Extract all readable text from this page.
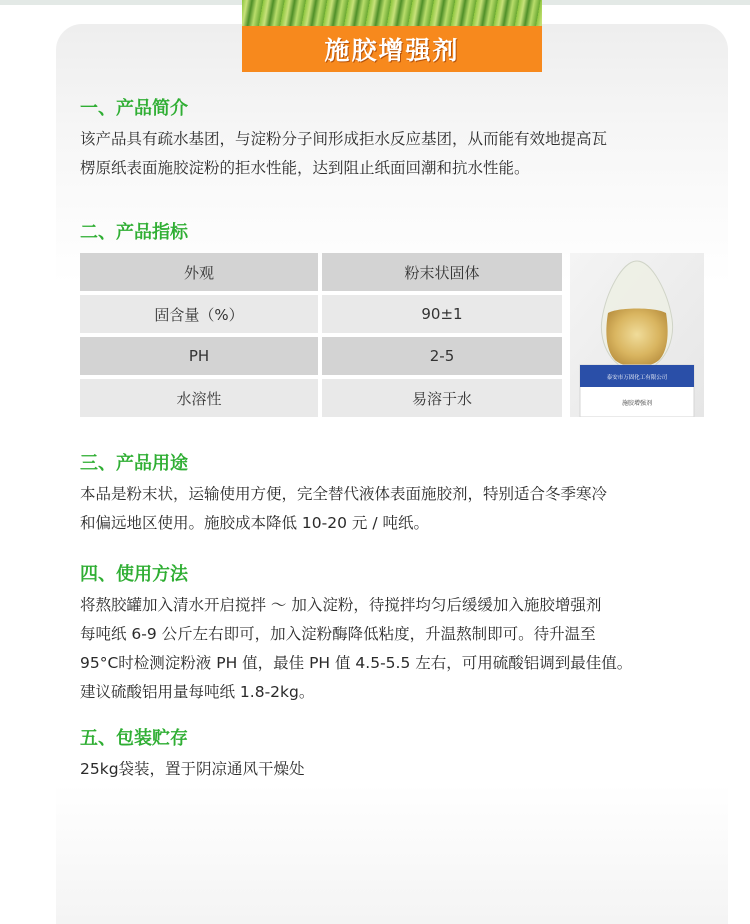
施胶增强剂
一、产品简介
该产品具有疏水基团，与淀粉分子间形成拒水反应基团，从而能有效地提高瓦
楞原纸表面施胶淀粉的拒水性能，达到阻止纸面回潮和抗水性能。
二、产品指标
外观	粉末状固体
固含量（%）	90±1
PH	2-5
水溶性	易溶于水
泰安市万固化工有限公司
施胶增强剂
三、产品用途
本品是粉末状，运输使用方便，完全替代液体表面施胶剂，特别适合冬季寒冷
和偏远地区使用。施胶成本降低 10-20 元 / 吨纸。
四、使用方法
将熬胶罐加入清水开启搅拌 ～ 加入淀粉，待搅拌均匀后缓缓加入施胶增强剂
每吨纸 6-9 公斤左右即可，加入淀粉酶降低粘度，升温熬制即可。待升温至
95°C时检测淀粉液 PH 值，最佳 PH 值 4.5-5.5 左右，可用硫酸铝调到最佳值。
建议硫酸铝用量每吨纸 1.8-2kg。
五、包装贮存
25kg袋装，置于阴凉通风干燥处
